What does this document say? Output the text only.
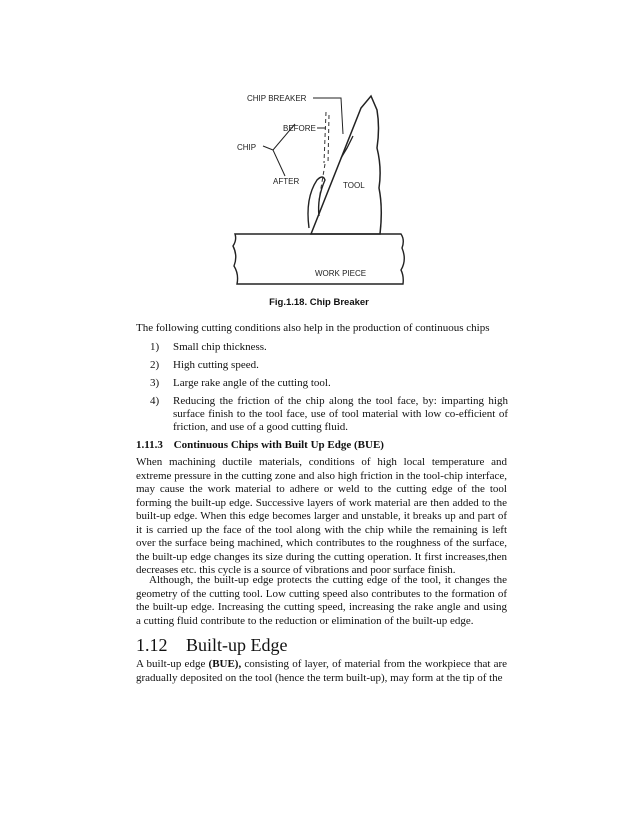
CHIP BREAKER
BEFORE
CHIP
AFTER	TOOL
WORK PIECE
Fig.1.18. Chip Breaker
The following cutting conditions also help in the production of continuous chips
1)	Small chip thickness.
2)	High cutting speed.
3)	Large rake angle of the cutting tool.
4)	Reducing the friction of the chip along the tool face, by: imparting high surface finish to the tool face, use of tool material with low co-efficient of friction, and use of a good cutting fluid.
1.11.3 Continuous Chips with Built Up Edge (BUE)

When machining ductile materials, conditions of high local temperature and extreme pressure in the cutting zone and also high friction in the tool-chip interface, may cause the work material to adhere or weld to the cutting edge of the tool forming the built-up edge. Successive layers of work material are then added to the built-up edge. When this edge becomes larger and unstable, it breaks up and part of it is carried up the face of the tool along with the chip while the remaining is left over the surface being machined, which contributes to the roughness of the surface, the built-up edge changes its size during the cutting operation. It first increases,then decreases etc. this cycle is a source of vibrations and poor surface finish.

Although, the built-up edge protects the cutting edge of the tool, it changes the geometry of the cutting tool. Low cutting speed also contributes to the formation of the built-up edge. Increasing the cutting speed, increasing the rake angle and using a cutting fluid contribute to the reduction or elimination of the built-up edge.

1.12 Built-up Edge

A built-up edge (BUE), consisting of layer, of material from the workpiece that are gradually deposited on the tool (hence the term built-up), may form at the tip of the
